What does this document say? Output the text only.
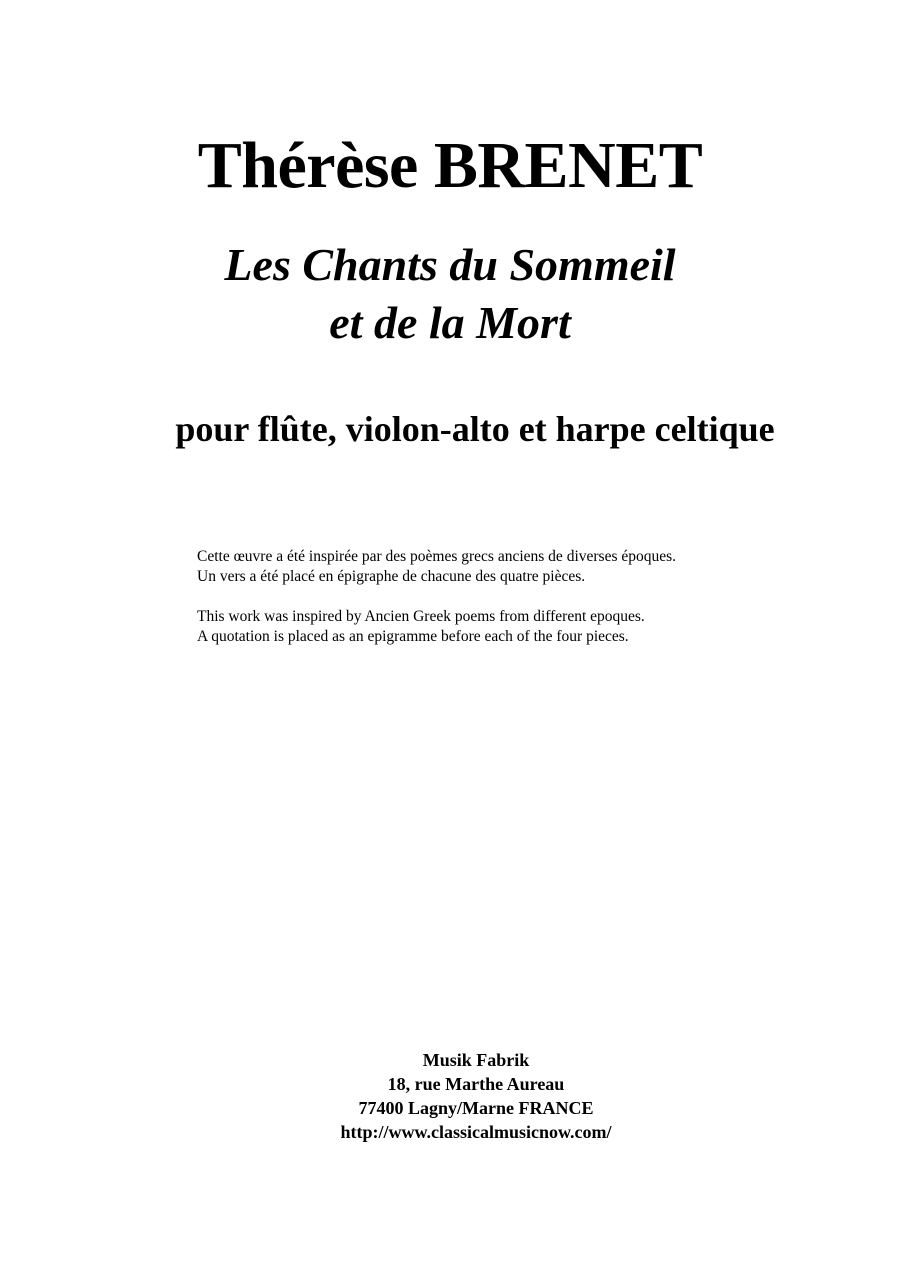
Thérèse BRENET
Les Chants du Sommeil
et de la Mort
pour flûte, violon-alto et harpe celtique

Cette œuvre a été inspirée par des poèmes grecs anciens de diverses époques.
Un vers a été placé en épigraphe de chacune des quatre pièces.

This work was inspired by Ancien Greek poems from different epoques.
A quotation is placed as an epigramme before each of the four pieces.

Musik Fabrik
18, rue Marthe Aureau
77400 Lagny/Marne FRANCE
http://www.classicalmusicnow.com/
